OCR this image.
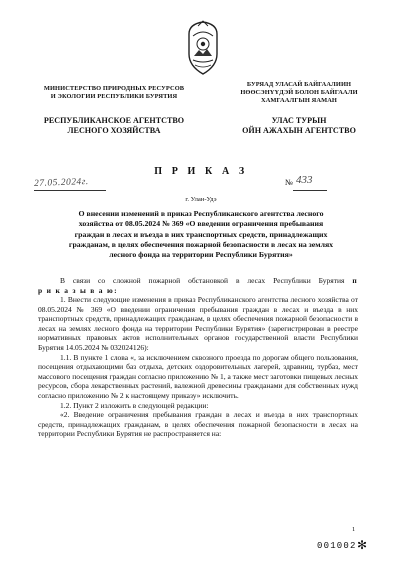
МИНИСТЕРСТВО ПРИРОДНЫХ РЕСУРСОВ
И ЭКОЛОГИИ РЕСПУБЛИКИ БУРЯТИЯ
РЕСПУБЛИКАНСКОЕ АГЕНТСТВО
ЛЕСНОГО ХОЗЯЙСТВА
БУРЯАД УЛАСАЙ БАЙГААЛИИН
НӨӨСЭНҮҮДЭЙ БОЛОН БАЙГААЛИ
ХАМГААЛГЫН ЯАМАН
УЛАС ТУРЫН
ОЙН АЖАХЫН АГЕНТСТВО
П Р И К А З
27.05.2024г.	№ 433
г. Улан-Удэ
О внесении изменений в приказ Республиканского агентства лесного
хозяйства от 08.05.2024 № 369 «О введении ограничения пребывания
граждан в лесах и въезда в них транспортных средств, принадлежащих
гражданам, в целях обеспечения пожарной безопасности в лесах на землях
лесного фонда на территории Республики Бурятия»

В связи со сложной пожарной обстановкой в лесах Республики Бурятия п

р и к а з ы в а ю:

1. Внести следующие изменения в приказ Республиканского агентства лесного хозяйства от 08.05.2024 № 369 «О введении ограничения пребывания граждан в лесах и въезда в них транспортных средств, принадлежащих гражданам, в целях обеспечения пожарной безопасности в лесах на землях лесного фонда на территории Республики Бурятия» (зарегистрирован в реестре нормативных правовых актов исполнительных органов государственной власти Республики Бурятия 14.05.2024 № 032024126):

1.1. В пункте 1 слова «, за исключением сквозного проезда по дорогам общего пользования, посещения отдыхающими баз отдыха, детских оздоровительных лагерей, здравниц, турбаз, мест массового посещения граждан согласно приложению № 1, а также мест заготовки пищевых лесных ресурсов, сбора лекарственных растений, валежной древесины гражданами для собственных нужд согласно приложению № 2 к настоящему приказу» исключить.

1.2. Пункт 2 изложить в следующей редакции:

«2. Введение ограничения пребывания граждан в лесах и въезда в них транспортных средств, принадлежащих гражданам, в целях обеспечения пожарной безопасности в лесах на территории Республики Бурятия не распространяется на:

1
001002 ✻
